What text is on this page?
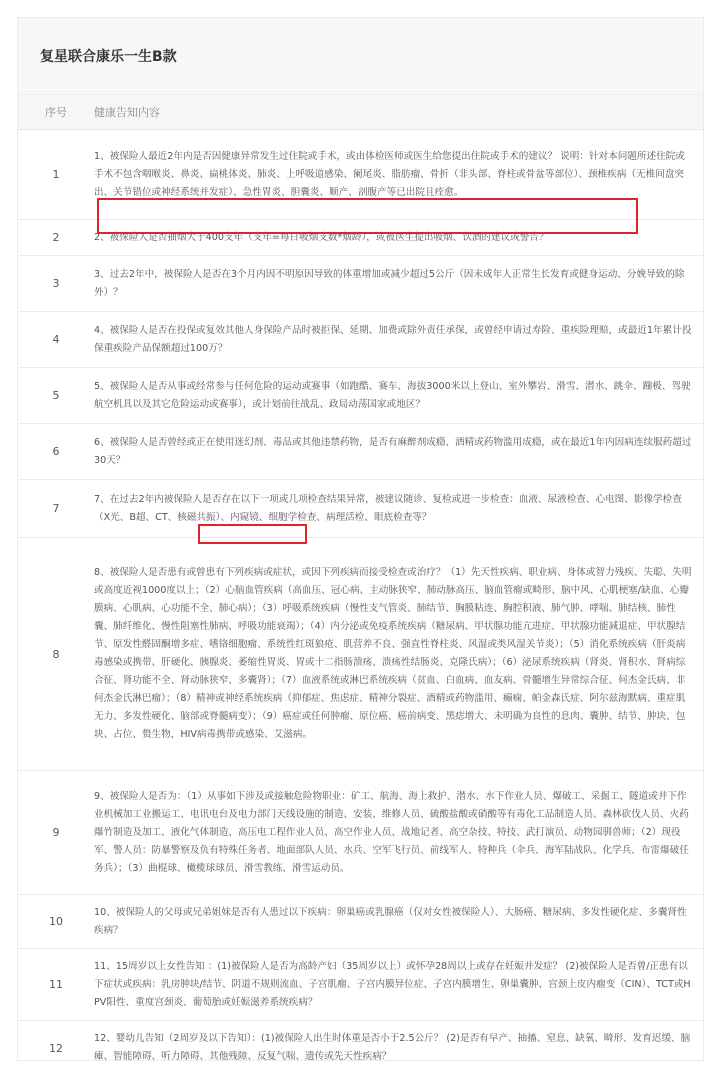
复星联合康乐一生B款
序号	健康告知内容
1
1、被保险人最近2年内是否因健康异常发生过住院或手术，或由体检医师或医生给您提出住院或手术的建议？ 说明：针对本问题所述住院或手术不包含咽喉炎、鼻炎、扁桃体炎、肺炎、上呼吸道感染、阑尾炎、脂肪瘤、骨折（非头部、脊柱或骨盆等部位）、颈椎疾病（无椎间盘突出、关节错位或神经系统并发症）、急性胃炎、胆囊炎、顺产、剖腹产等已出院且痊愈。
2	2、被保险人是否抽烟大于400支年（支年=每日吸烟支数*烟龄），或被医生提出吸烟、饮酒的建议或警告？
3
3、过去2年中，被保险人是否在3个月内因不明原因导致的体重增加或减少超过5公斤（因未成年人正常生长发育或健身运动、分娩导致的除外）？
4
4、被保险人是否在投保或复效其他人身保险产品时被拒保、延期、加费或除外责任承保，或曾经申请过寿险、重疾险理赔，或最近1年累计投保重疾险产品保额超过100万？
5
5、被保险人是否从事或经常参与任何危险的运动或赛事（如跑酷、赛车、海拔3000米以上登山、室外攀岩、滑雪、潜水、跳伞、蹦极、驾驶航空机具以及其它危险运动或赛事），或计划前往战乱、政局动荡国家或地区？
6
6、被保险人是否曾经或正在使用迷幻剂、毒品或其他违禁药物，是否有麻醉剂成瘾、酒精或药物滥用成瘾，或在最近1年内因病连续服药超过30天？
7
7、在过去2年内被保险人是否存在以下一项或几项检查结果异常，被建议随诊、复检或进一步检查：血液、尿液检查、心电图、影像学检查（X光、B超、CT、核磁共振）、内窥镜、细胞学检查、病理活检、眼底检查等？
8
8、被保险人是否患有或曾患有下列疾病或症状，或因下列疾病而接受检查或治疗？（1）先天性疾病、职业病、身体或智力残疾、失聪、失明或高度近视1000度以上；（2）心脑血管疾病（高血压、冠心病、主动脉狭窄、肺动脉高压、脑血管瘤或畸形、脑中风、心肌梗塞/缺血、心瓣膜病、心肌病、心功能不全、肺心病）；（3）呼吸系统疾病（慢性支气管炎、肺结节、胸膜粘连、胸腔积液、肺气肿、哮喘、肺结核、肺性囊、肺纤维化、慢性阻塞性肺病、呼吸功能衰竭）；（4）内分泌或免疫系统疾病（糖尿病、甲状腺功能亢进症、甲状腺功能减退症、甲状腺结节、原发性醛固酮增多症、嗜铬细胞瘤、系统性红斑狼疮、肌营养不良、强直性脊柱炎、风湿或类风湿关节炎）；（5）消化系统疾病（肝炎病毒感染或携带、肝硬化、胰腺炎、萎缩性胃炎、胃或十二指肠溃疡、溃疡性结肠炎、克隆氏病）；（6）泌尿系统疾病（肾炎、肾积水、肾病综合征、肾功能不全、肾动脉狭窄、多囊肾）；（7）血液系统或淋巴系统疾病（贫血、白血病、血友病、骨髓增生异常综合征、何杰金氏病、非何杰金氏淋巴瘤）；（8）精神或神经系统疾病（抑郁症、焦虑症、精神分裂症、酒精或药物滥用、癫痫、帕金森氏症、阿尔兹海默病、重症肌无力、多发性硬化、脑部或脊髓病变）；（9）癌症或任何肿瘤、原位癌、癌前病变、黑痣增大、未明确为良性的息肉、囊肿、结节、肿块、包块、占位、赘生物，HIV病毒携带或感染、艾滋病。
9
9、被保险人是否为：（1）从事如下涉及或接触危险物职业：矿工、航海、海上救护、潜水、水下作业人员、爆破工、采掘工、隧道或井下作业机械加工业搬运工、电讯电台及电力部门天线设施的制造、安装、维修人员、硫酸盐酸或硝酸等有毒化工品制造人员、森林砍伐人员、火药爆竹制造及加工、液化气体制造、高压电工程作业人员、高空作业人员、战地记者、高空杂技、特技、武打演员、动物园驯兽师；（2）现役军、警人员：防暴警察及负有特殊任务者、地面部队人员、水兵、空军飞行员、前线军人、特种兵（伞兵、海军陆战队、化学兵、布雷爆破任务兵）；（3）曲棍球、橄榄球球员、滑雪教练、滑雪运动员。
10
10、被保险人的父母或兄弟姐妹是否有人患过以下疾病：卵巢癌或乳腺癌（仅对女性被保险人）、大肠癌、糖尿病、多发性硬化症、多囊肾性疾病？
11
11、15周岁以上女性告知 ：(1)被保险人是否为高龄产妇（35周岁以上）或怀孕28周以上或存在妊娠并发症？ (2)被保险人是否曾/正患有以下症状或疾病：乳房肿块/结节、阴道不规则流血、子宫肌瘤、子宫内膜异位症、子宫内膜增生、卵巢囊肿、宫颈上皮内瘤变（CIN）、TCT或HPV阳性、重度宫颈炎、葡萄胎或妊娠滋养系统疾病？
12
12、婴幼儿告知（2周岁及以下告知）：(1)被保险人出生时体重是否小于2.5公斤？ (2)是否有早产、抽搐、窒息、缺氧、畸形、发育迟缓、脑瘫、智能障碍、听力障碍、其他残障、反复气喘、遗传或先天性疾病？
